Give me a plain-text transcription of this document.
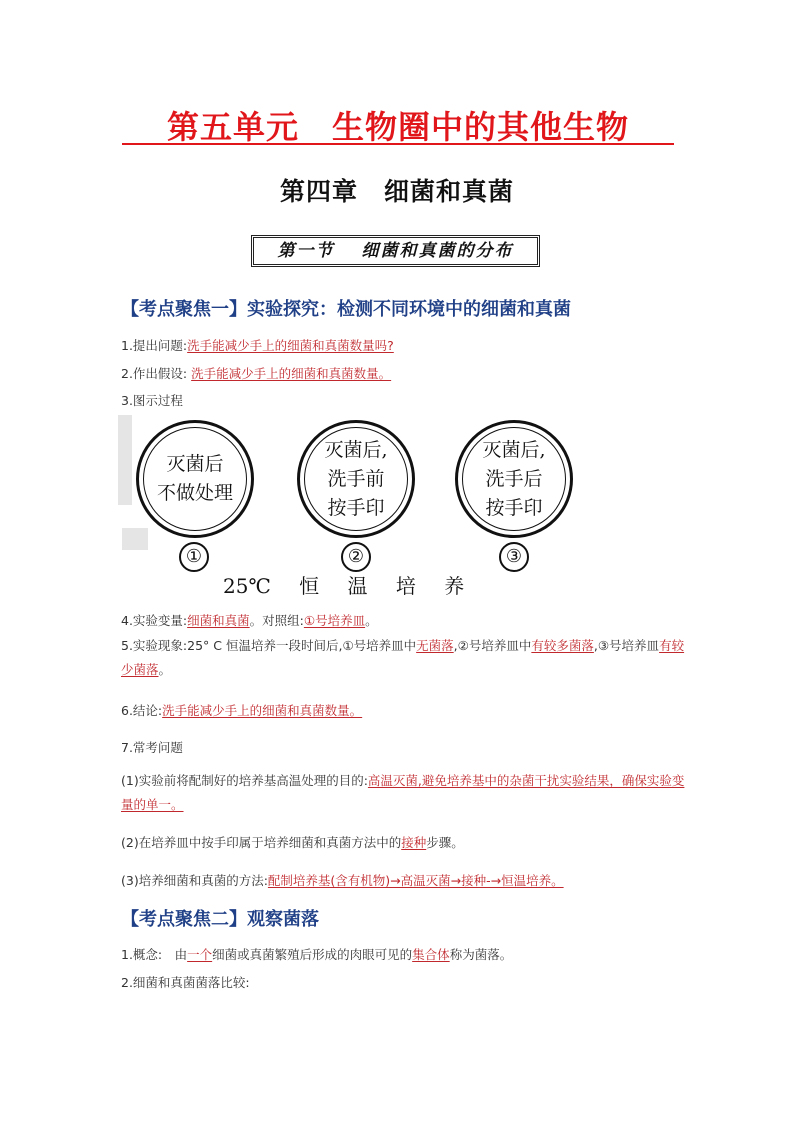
第五单元　生物圈中的其他生物
第四章　细菌和真菌
第一节　 细菌和真菌的分布
【考点聚焦一】实验探究：检测不同环境中的细菌和真菌
1.提出问题:洗手能减少手上的细菌和真菌数量吗?
2.作出假设: 洗手能减少手上的细菌和真菌数量。
3.图示过程
灭菌后
不做处理
①
灭菌后,
洗手前
按手印
②
灭菌后,
洗手后
按手印
③
25℃ 恒 温 培 养
4.实验变量:细菌和真菌。对照组:①号培养皿。
5.实验现象:25° C 恒温培养一段时间后,①号培养皿中无菌落,②号培养皿中有较多菌落,③号培养皿有较少菌落。
6.结论:洗手能减少手上的细菌和真菌数量。
7.常考问题
(1)实验前将配制好的培养基高温处理的目的:高温灭菌,避免培养基中的杂菌干扰实验结果，确保实验变量的单一。
(2)在培养皿中按手印属于培养细菌和真菌方法中的接种步骤。
(3)培养细菌和真菌的方法:配制培养基(含有机物)→高温灭菌→接种-→恒温培养。
【考点聚焦二】观察菌落
1.概念:　由一个细菌或真菌繁殖后形成的肉眼可见的集合体称为菌落。
2.细菌和真菌菌落比较:
